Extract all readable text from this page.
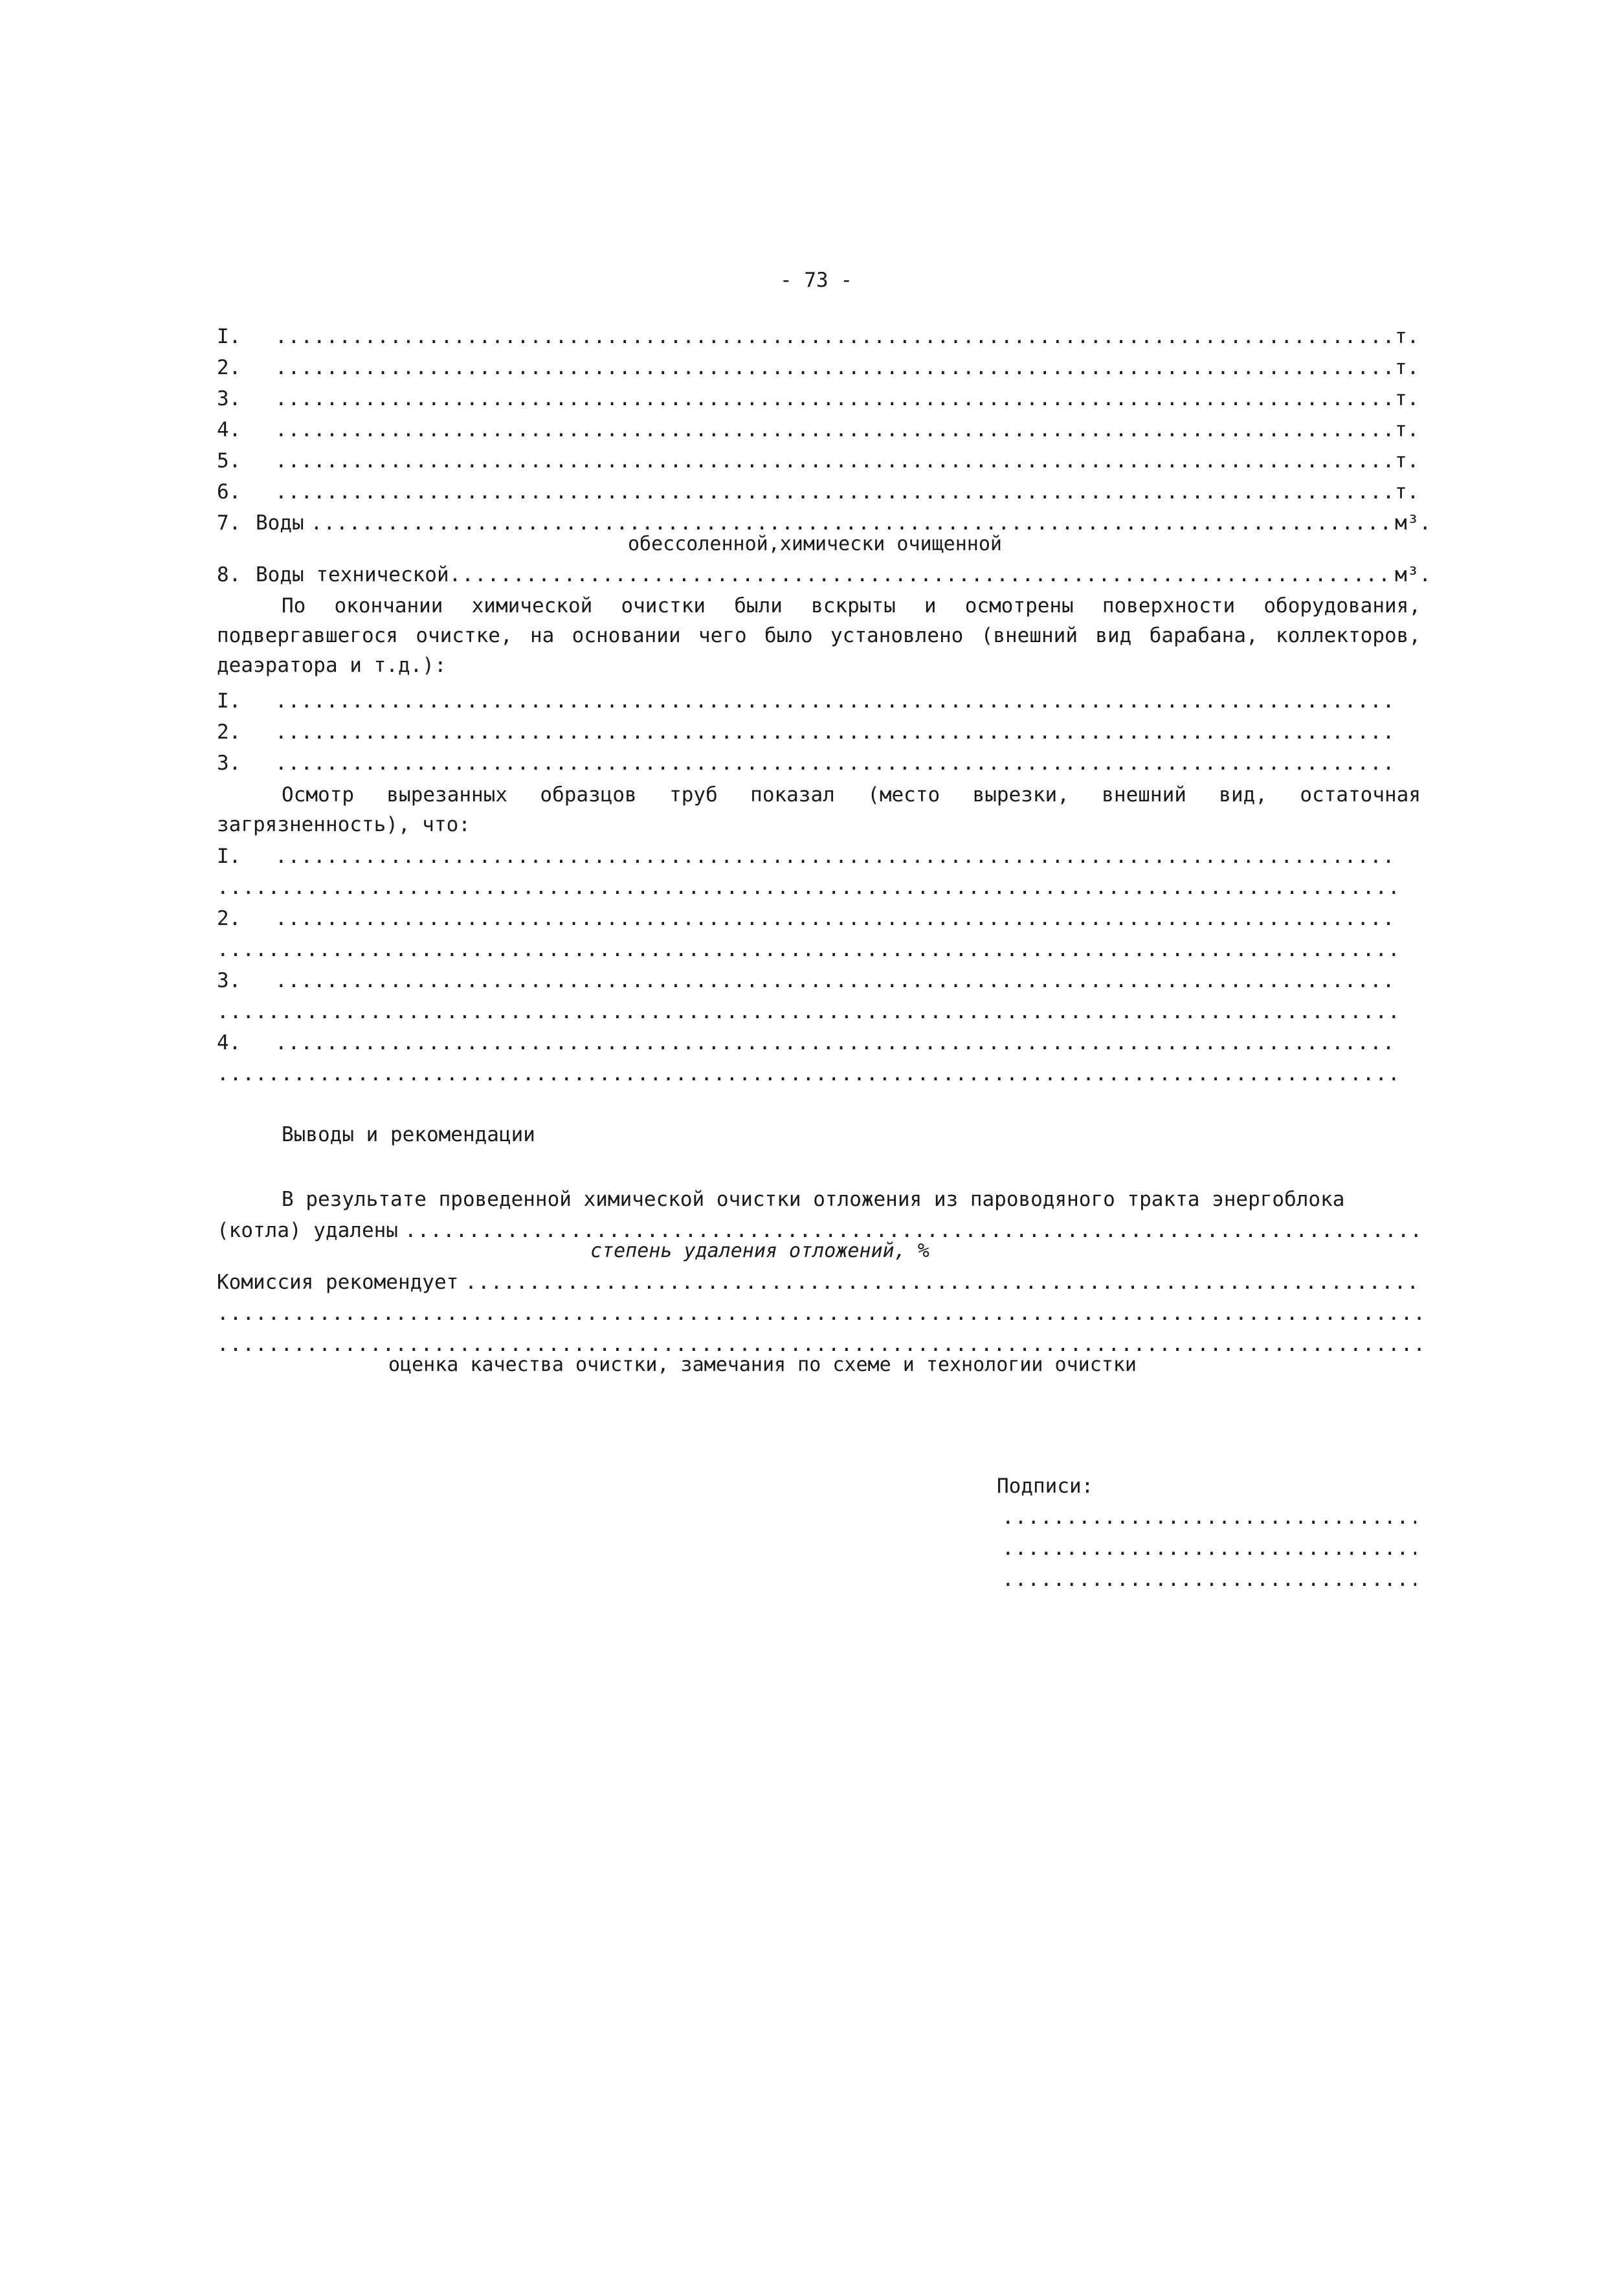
- 73 -
I. .....	т.
2. .....	т.
3. .....	т.
4. .....	т.
5. .....	т.
6. .....	т.
7. Воды .....	м³.
обессоленной,химически очищенной
8. Воды технической .....	м³.
По окончании химической очистки были вскрыты и осмотрены поверхности оборудования, подвергавшегося очистке, на основании чего было установлено (внешний вид барабана, коллекторов, деаэратора и т.д.):
I.
.....
2.
.....
3.
.....
Осмотр вырезанных образцов труб показал (место вырезки, внешний вид, остаточная загрязненность), что:
I.
.....
.....
2.
.....
.....
3.
.....
.....
4.
.....
.....
Выводы и рекомендации
В результате проведенной химической очистки отложения из пароводяного тракта энергоблока
(котла) удалены
.....
степень удаления отложений, %
Комиссия рекомендует
.....
.....
.....
оценка качества очистки, замечания по схеме и технологии очистки
Подписи:
.....
.....
.....
